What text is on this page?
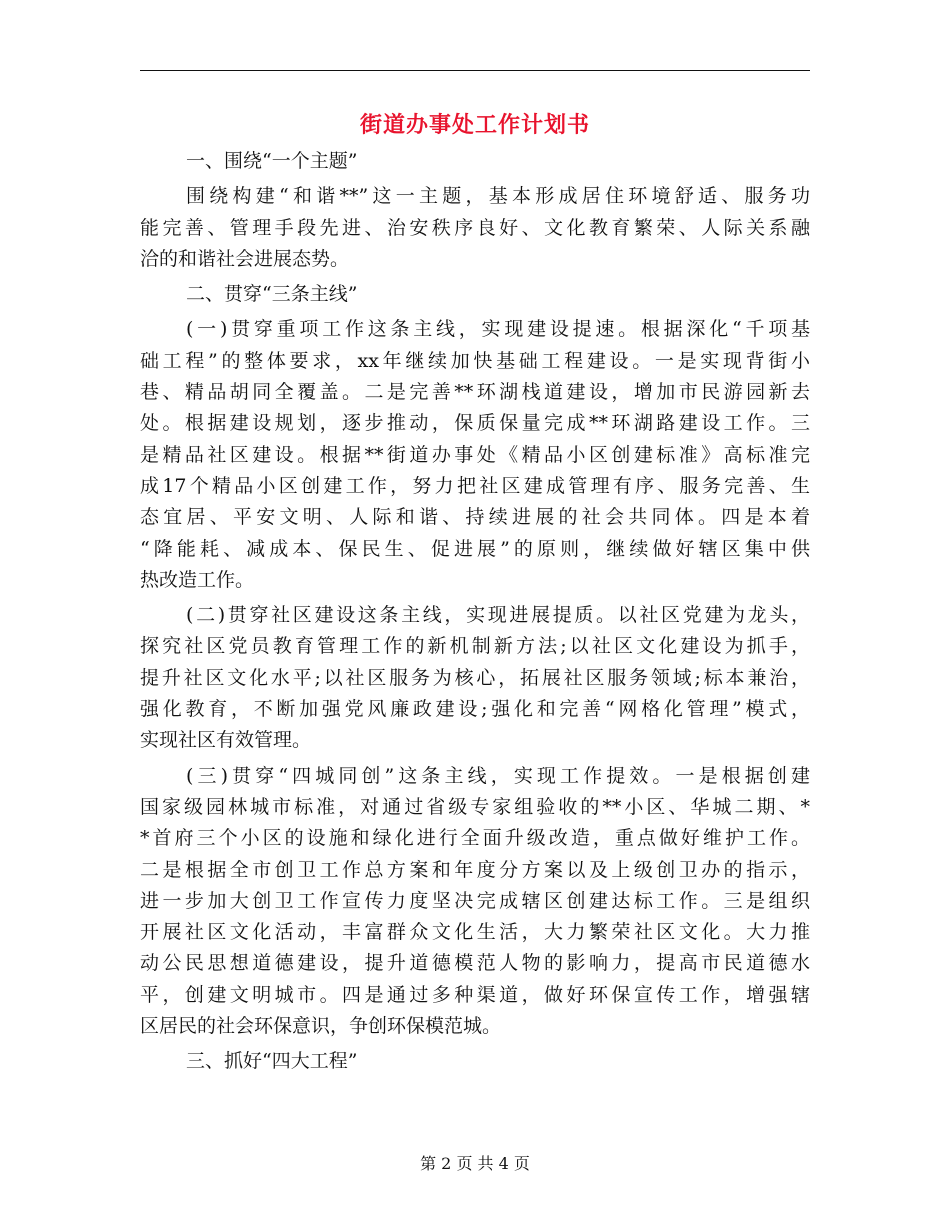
街道办事处工作计划书
一、围绕“一个主题”
围绕构建“和谐**”这一主题，基本形成居住环境舒适、服务功
能完善、管理手段先进、治安秩序良好、文化教育繁荣、人际关系融
洽的和谐社会进展态势。
二、贯穿“三条主线”
(一)贯穿重项工作这条主线，实现建设提速。根据深化“千项基
础工程”的整体要求，xx年继续加快基础工程建设。一是实现背街小
巷、精品胡同全覆盖。二是完善**环湖栈道建设，增加市民游园新去
处。根据建设规划，逐步推动，保质保量完成**环湖路建设工作。三
是精品社区建设。根据**街道办事处《精品小区创建标准》高标准完
成17个精品小区创建工作，努力把社区建成管理有序、服务完善、生
态宜居、平安文明、人际和谐、持续进展的社会共同体。四是本着
“降能耗、减成本、保民生、促进展”的原则，继续做好辖区集中供
热改造工作。
(二)贯穿社区建设这条主线，实现进展提质。以社区党建为龙头，
探究社区党员教育管理工作的新机制新方法;以社区文化建设为抓手，
提升社区文化水平;以社区服务为核心，拓展社区服务领域;标本兼治，
强化教育，不断加强党风廉政建设;强化和完善“网格化管理”模式，
实现社区有效管理。
(三)贯穿“四城同创”这条主线，实现工作提效。一是根据创建
国家级园林城市标准，对通过省级专家组验收的**小区、华城二期、*
*首府三个小区的设施和绿化进行全面升级改造，重点做好维护工作。
二是根据全市创卫工作总方案和年度分方案以及上级创卫办的指示，
进一步加大创卫工作宣传力度坚决完成辖区创建达标工作。三是组织
开展社区文化活动，丰富群众文化生活，大力繁荣社区文化。大力推
动公民思想道德建设，提升道德模范人物的影响力，提高市民道德水
平，创建文明城市。四是通过多种渠道，做好环保宣传工作，增强辖
区居民的社会环保意识，争创环保模范城。
三、抓好“四大工程”
第 2 页 共 4 页
